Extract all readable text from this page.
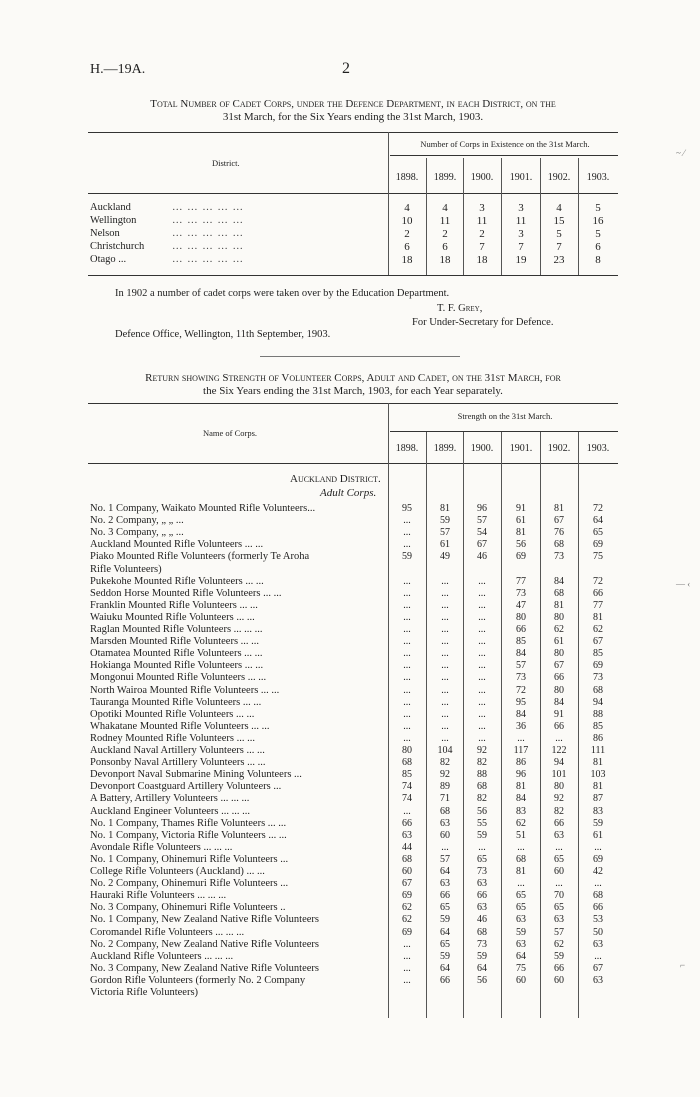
H.—19A.	2
Total Number of Cadet Corps, under the Defence Department, in each District, on the
31st March, for the Six Years ending the 31st March, 1903.
District.
Number of Corps in Existence on the 31st March.
1898.	1899.	1900.	1901.	1902.	1903.
Auckland	… … … … …	4	4	3	3	4	5
Wellington	… … … … …	10	11	11	11	15	16
Nelson	… … … … …	2	2	2	3	5	5
Christchurch	… … … … …	6	6	7	7	7	6
Otago ...	… … … … …	18	18	18	19	23	8
In 1902 a number of cadet corps were taken over by the Education Department.
T. F. Grey,
For Under-Secretary for Defence.
Defence Office, Wellington, 11th September, 1903.
Return showing Strength of Volunteer Corps, Adult and Cadet, on the 31st March, for
the Six Years ending the 31st March, 1903, for each Year separately.
Name of Corps.
Strength on the 31st March.
1898.	1899.	1900.	1901.	1902.	1903.
Auckland District.
Adult Corps.
No. 1 Company, Waikato Mounted Rifle Volunteers...	95	81	96	91	81	72
No. 2 Company, „ „ ...	...	59	57	61	67	64
No. 3 Company, „ „ ...	...	57	54	81	76	65
Auckland Mounted Rifle Volunteers ... ...	...	61	67	56	68	69
Piako Mounted Rifle Volunteers (formerly Te Aroha	59	49	46	69	73	75
Rifle Volunteers)
Pukekohe Mounted Rifle Volunteers ... ...	...	...	...	77	84	72
Seddon Horse Mounted Rifle Volunteers ... ...	...	...	...	73	68	66
Franklin Mounted Rifle Volunteers ... ...	...	...	...	47	81	77
Waiuku Mounted Rifle Volunteers ... ...	...	...	...	80	80	81
Raglan Mounted Rifle Volunteers ... ... ...	...	...	...	66	62	62
Marsden Mounted Rifle Volunteers ... ...	...	...	...	85	61	67
Otamatea Mounted Rifle Volunteers ... ...	...	...	...	84	80	85
Hokianga Mounted Rifle Volunteers ... ...	...	...	...	57	67	69
Mongonui Mounted Rifle Volunteers ... ...	...	...	...	73	66	73
North Wairoa Mounted Rifle Volunteers ... ...	...	...	...	72	80	68
Tauranga Mounted Rifle Volunteers ... ...	...	...	...	95	84	94
Opotiki Mounted Rifle Volunteers ... ...	...	...	...	84	91	88
Whakatane Mounted Rifle Volunteers ... ...	...	...	...	36	66	85
Rodney Mounted Rifle Volunteers ... ...	...	...	...	...	...	86
Auckland Naval Artillery Volunteers ... ...	80	104	92	117	122	111
Ponsonby Naval Artillery Volunteers ... ...	68	82	82	86	94	81
Devonport Naval Submarine Mining Volunteers ...	85	92	88	96	101	103
Devonport Coastguard Artillery Volunteers ...	74	89	68	81	80	81
A Battery, Artillery Volunteers ... ... ...	74	71	82	84	92	87
Auckland Engineer Volunteers ... ... ...	...	68	56	83	82	83
No. 1 Company, Thames Rifle Volunteers ... ...	66	63	55	62	66	59
No. 1 Company, Victoria Rifle Volunteers ... ...	63	60	59	51	63	61
Avondale Rifle Volunteers ... ... ...	44	...	...	...	...	...
No. 1 Company, Ohinemuri Rifle Volunteers ...	68	57	65	68	65	69
College Rifle Volunteers (Auckland) ... ...	60	64	73	81	60	42
No. 2 Company, Ohinemuri Rifle Volunteers ...	67	63	63	...	...	...
Hauraki Rifle Volunteers ... ... ...	69	66	66	65	70	68
No. 3 Company, Ohinemuri Rifle Volunteers ..	62	65	63	65	65	66
No. 1 Company, New Zealand Native Rifle Volunteers	62	59	46	63	63	53
Coromandel Rifle Volunteers ... ... ...	69	64	68	59	57	50
No. 2 Company, New Zealand Native Rifle Volunteers	...	65	73	63	62	63
Auckland Rifle Volunteers ... ... ...	...	59	59	64	59	...
No. 3 Company, New Zealand Native Rifle Volunteers	...	64	64	75	66	67
Gordon Rifle Volunteers (formerly No. 2 Company	...	66	56	60	60	63
Victoria Rifle Volunteers)
~ ⁄
— ‹
⌐
